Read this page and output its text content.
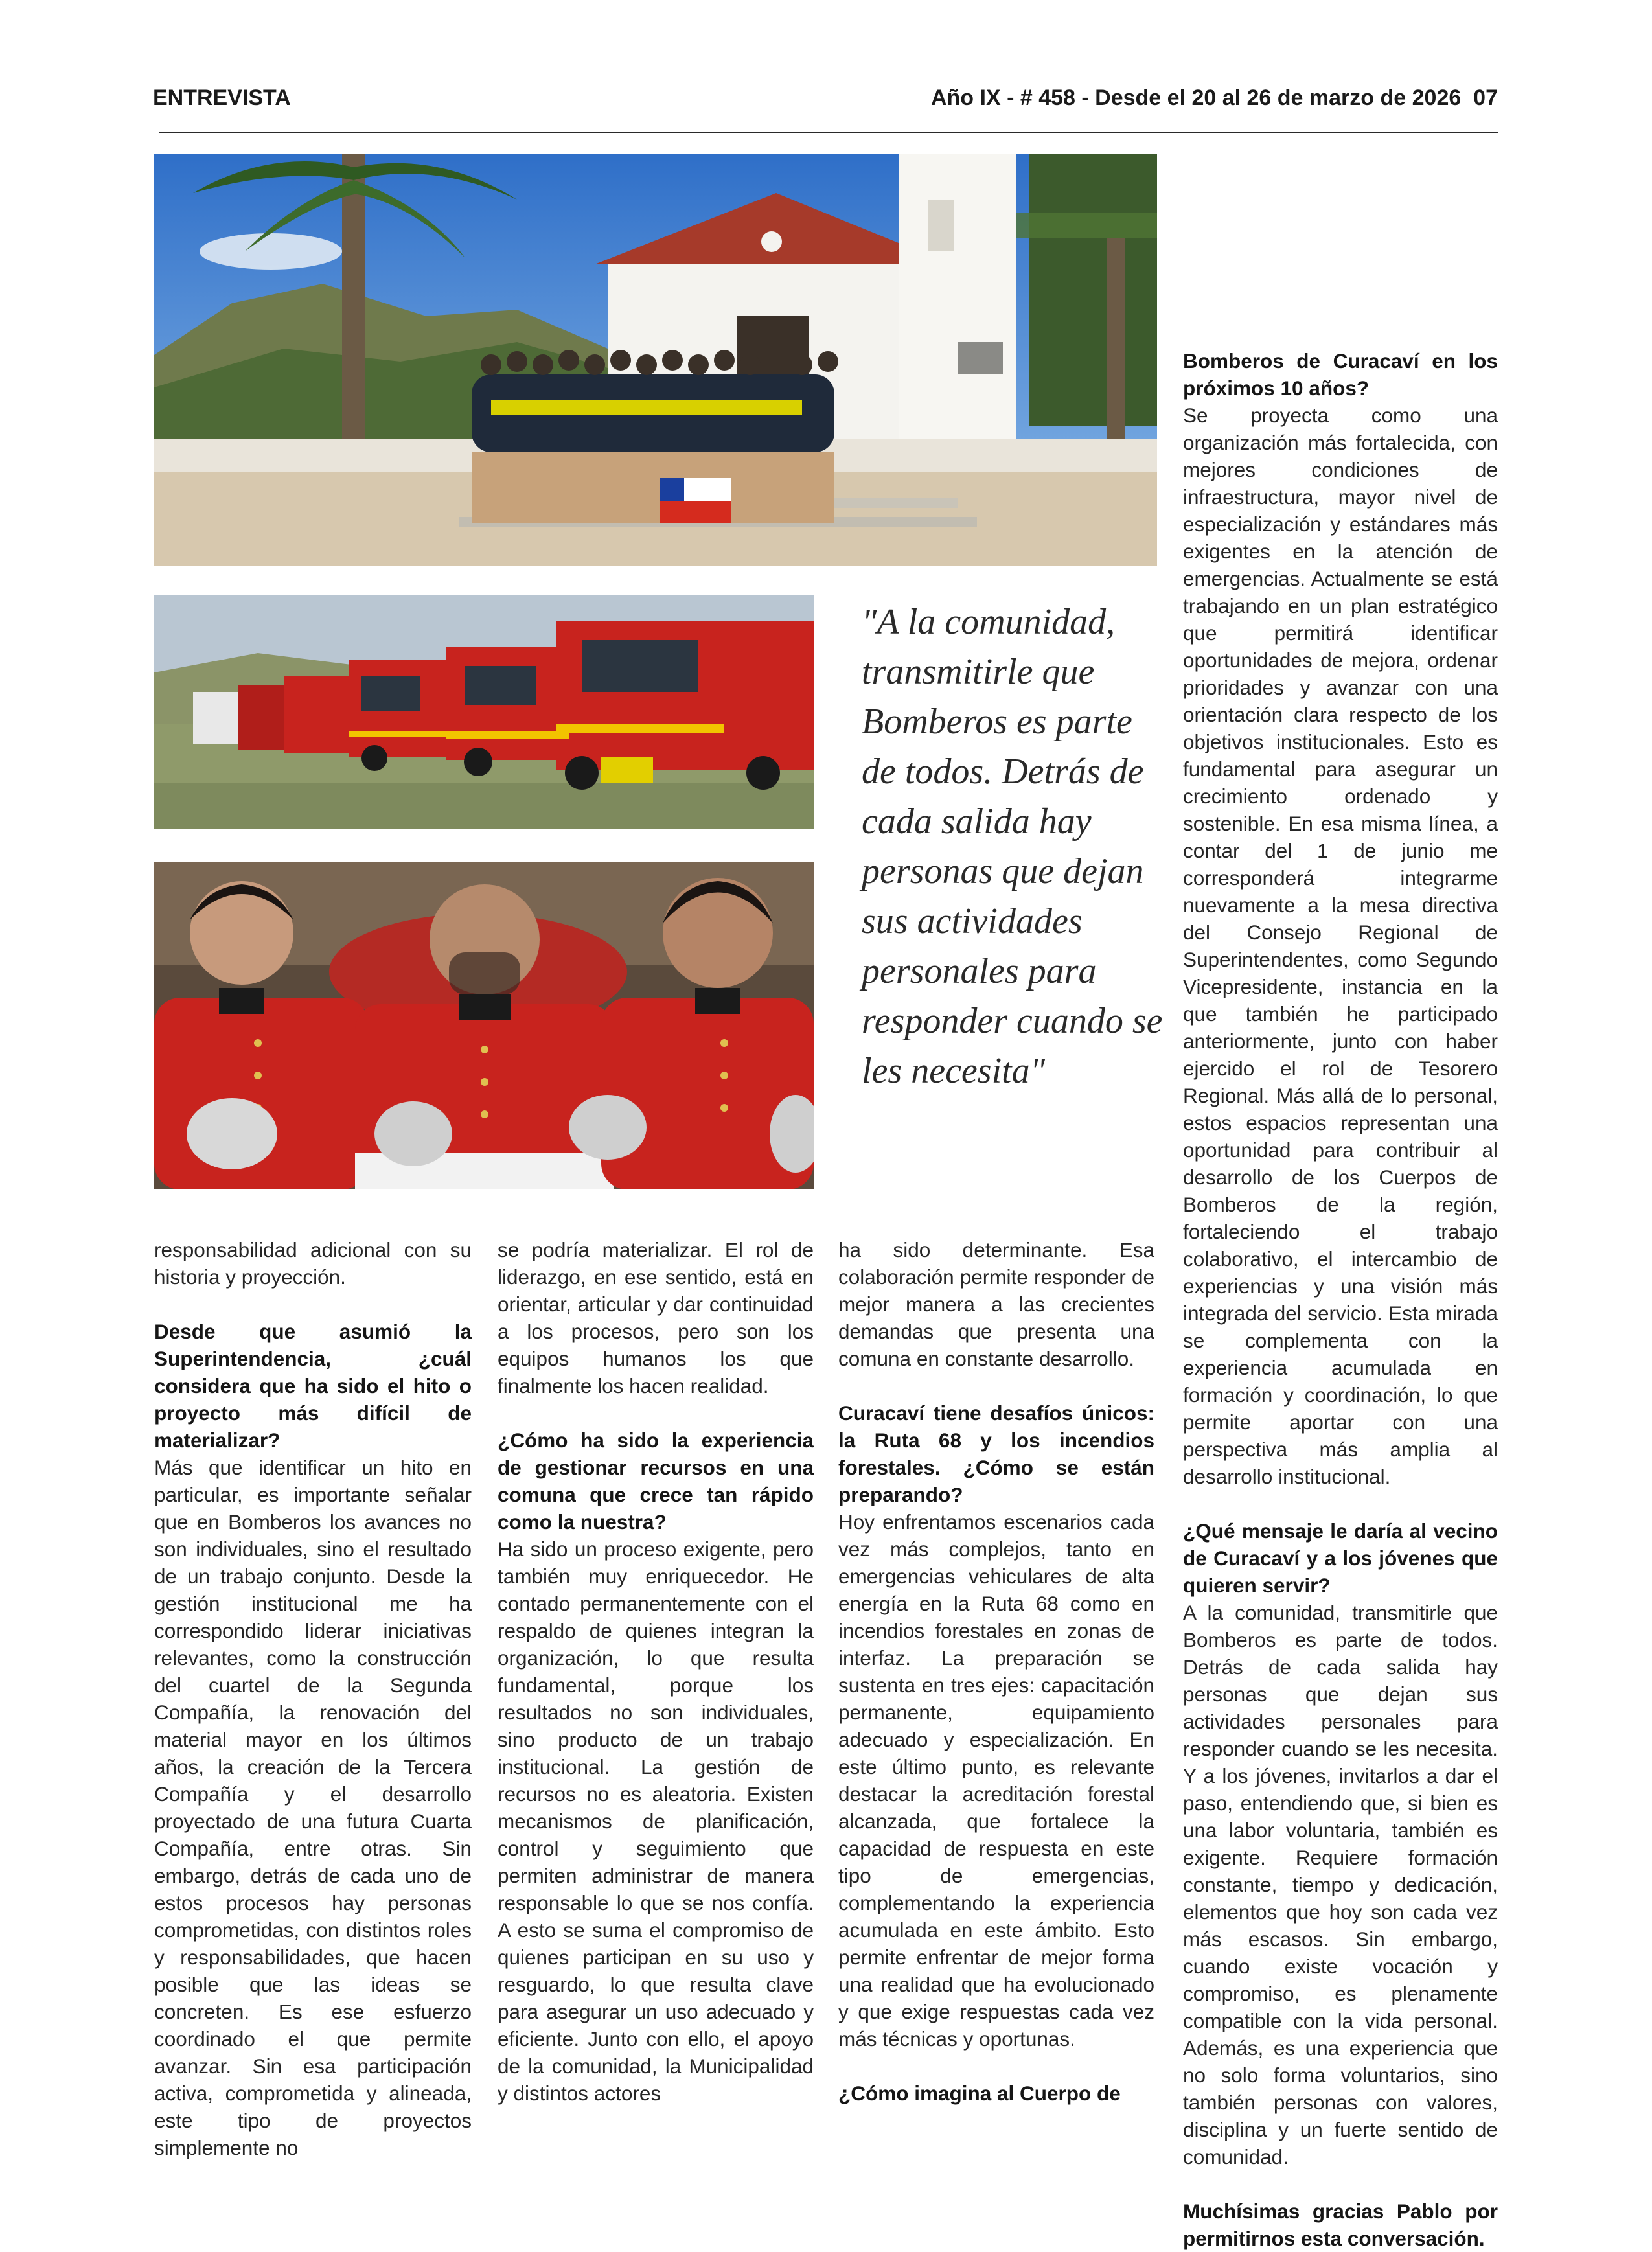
ENTREVISTA	Año IX - # 458 - Desde el 20 al 26 de marzo de 2026 07

"A la comunidad, transmitirle que Bomberos es parte de todos. Detrás de cada salida hay personas que dejan sus actividades personales para responder cuando se les necesita"

responsabilidad adicional con su historia y proyección.

Desde que asumió la Superintendencia, ¿cuál considera que ha sido el hito o proyecto más difícil de materializar?

Más que identificar un hito en particular, es importante señalar que en Bomberos los avances no son individuales, sino el resultado de un trabajo conjunto. Desde la gestión institucional me ha correspondido liderar iniciativas relevantes, como la construcción del cuartel de la Segunda Compañía, la renovación del material mayor en los últimos años, la creación de la Tercera Compañía y el desarrollo proyectado de una futura Cuarta Compañía, entre otras. Sin embargo, detrás de cada uno de estos procesos hay personas comprometidas, con distintos roles y responsabilidades, que hacen posible que las ideas se concreten. Es ese esfuerzo coordinado el que permite avanzar. Sin esa participación activa, comprometida y alineada, este tipo de proyectos simplemente no

se podría materializar. El rol de liderazgo, en ese sentido, está en orientar, articular y dar continuidad a los procesos, pero son los equipos humanos los que finalmente los hacen realidad.

¿Cómo ha sido la experiencia de gestionar recursos en una comuna que crece tan rápido como la nuestra?

Ha sido un proceso exigente, pero también muy enriquecedor. He contado permanentemente con el respaldo de quienes integran la organización, lo que resulta fundamental, porque los resultados no son individuales, sino producto de un trabajo institucional. La gestión de recursos no es aleatoria. Existen mecanismos de planificación, control y seguimiento que permiten administrar de manera responsable lo que se nos confía. A esto se suma el compromiso de quienes participan en su uso y resguardo, lo que resulta clave para asegurar un uso adecuado y eficiente. Junto con ello, el apoyo de la comunidad, la Municipalidad y distintos actores

ha sido determinante. Esa colaboración permite responder de mejor manera a las crecientes demandas que presenta una comuna en constante desarrollo.

Curacaví tiene desafíos únicos: la Ruta 68 y los incendios forestales. ¿Cómo se están preparando?

Hoy enfrentamos escenarios cada vez más complejos, tanto en emergencias vehiculares de alta energía en la Ruta 68 como en incendios forestales en zonas de interfaz. La preparación se sustenta en tres ejes: capacitación permanente, equipamiento adecuado y especialización. En este último punto, es relevante destacar la acreditación forestal alcanzada, que fortalece la capacidad de respuesta en este tipo de emergencias, complementando la experiencia acumulada en este ámbito. Esto permite enfrentar de mejor forma una realidad que ha evolucionado y que exige respuestas cada vez más técnicas y oportunas.

¿Cómo imagina al Cuerpo de

Bomberos de Curacaví en los próximos 10 años?

Se proyecta como una organización más fortalecida, con mejores condiciones de infraestructura, mayor nivel de especialización y estándares más exigentes en la atención de emergencias. Actualmente se está trabajando en un plan estratégico que permitirá identificar oportunidades de mejora, ordenar prioridades y avanzar con una orientación clara respecto de los objetivos institucionales. Esto es fundamental para asegurar un crecimiento ordenado y sostenible. En esa misma línea, a contar del 1 de junio me corresponderá integrarme nuevamente a la mesa directiva del Consejo Regional de Superintendentes, como Segundo Vicepresidente, instancia en la que también he participado anteriormente, junto con haber ejercido el rol de Tesorero Regional. Más allá de lo personal, estos espacios representan una oportunidad para contribuir al desarrollo de los Cuerpos de Bomberos de la región, fortaleciendo el trabajo colaborativo, el intercambio de experiencias y una visión más integrada del servicio. Esta mirada se complementa con la experiencia acumulada en formación y coordinación, lo que permite aportar con una perspectiva más amplia al desarrollo institucional.

¿Qué mensaje le daría al vecino de Curacaví y a los jóvenes que quieren servir?

A la comunidad, transmitirle que Bomberos es parte de todos. Detrás de cada salida hay personas que dejan sus actividades personales para responder cuando se les necesita. Y a los jóvenes, invitarlos a dar el paso, entendiendo que, si bien es una labor voluntaria, también es exigente. Requiere formación constante, tiempo y dedicación, elementos que hoy son cada vez más escasos. Sin embargo, cuando existe vocación y compromiso, es plenamente compatible con la vida personal. Además, es una experiencia que no solo forma voluntarios, sino también personas con valores, disciplina y un fuerte sentido de comunidad.

Muchísimas gracias Pablo por permitirnos esta conversación.
